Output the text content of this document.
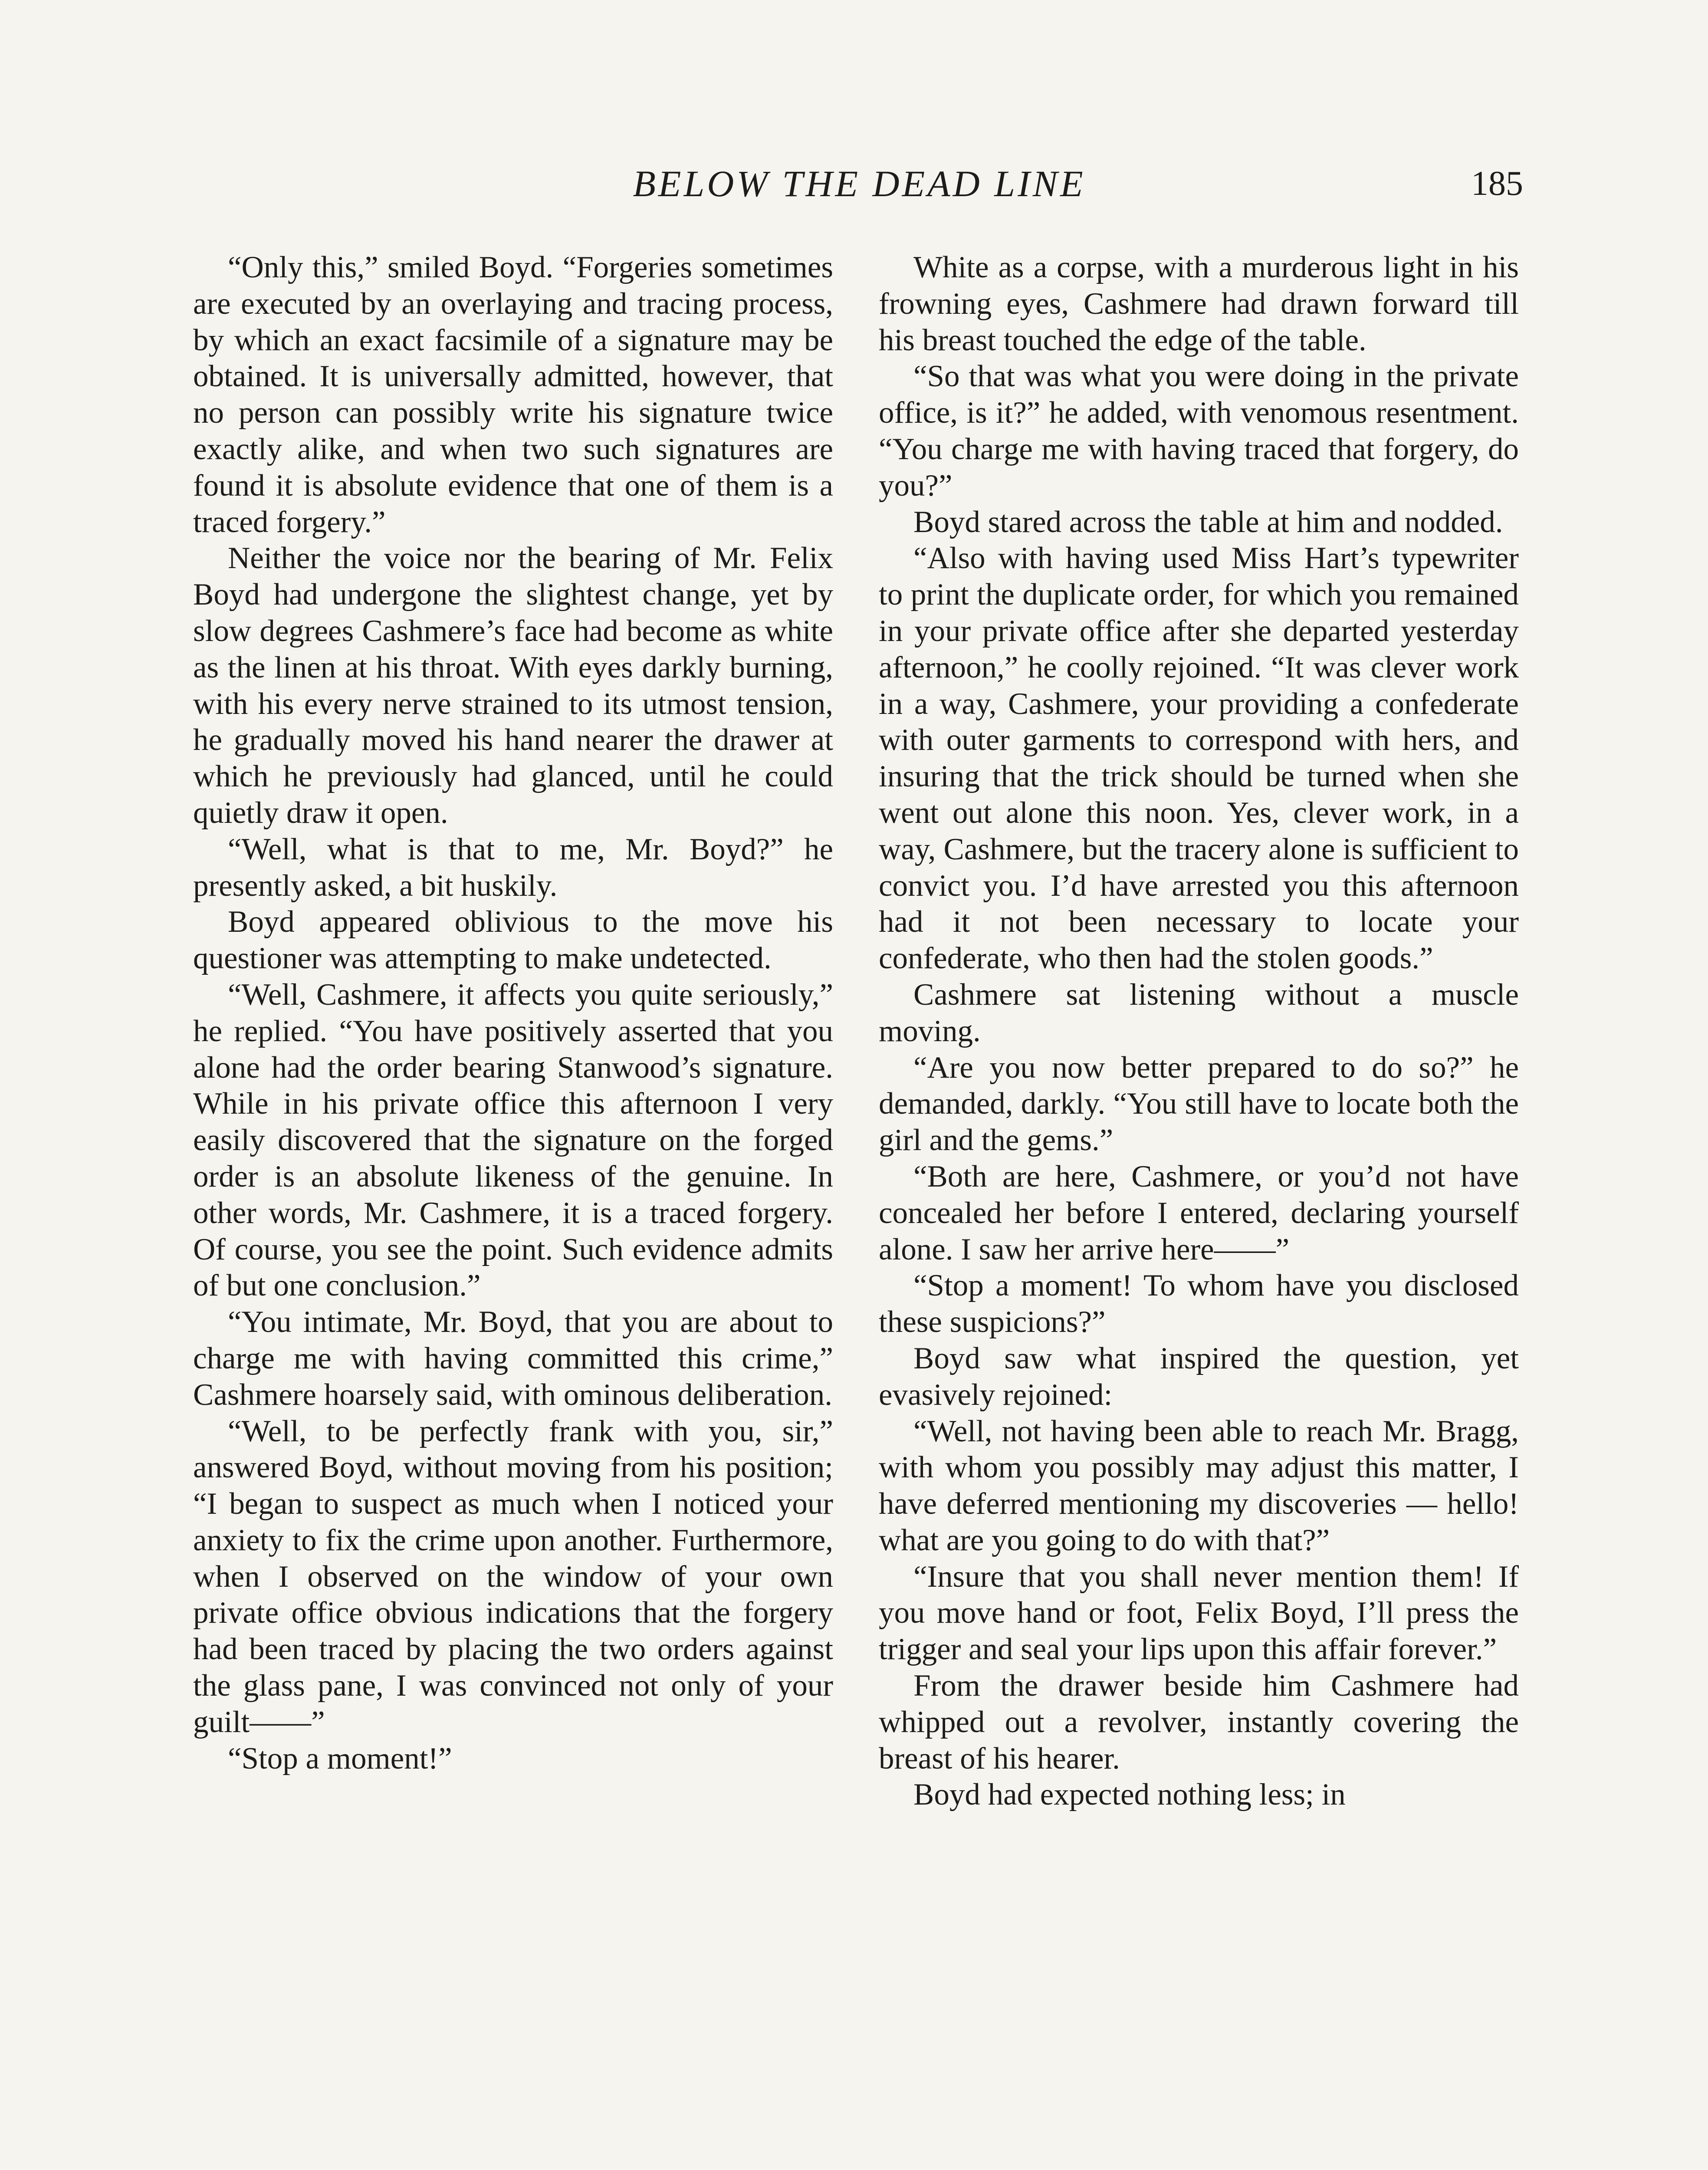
BELOW THE DEAD LINE	185

“Only this,” smiled Boyd. “Forgeries sometimes are executed by an overlaying and tracing process, by which an exact facsimile of a signature may be obtained. It is universally admitted, however, that no person can possibly write his signature twice exactly alike, and when two such signatures are found it is absolute evidence that one of them is a traced forgery.”

Neither the voice nor the bearing of Mr. Felix Boyd had undergone the slightest change, yet by slow degrees Cashmere’s face had become as white as the linen at his throat. With eyes darkly burning, with his every nerve strained to its utmost tension, he gradually moved his hand nearer the drawer at which he previously had glanced, until he could quietly draw it open.

“Well, what is that to me, Mr. Boyd?” he presently asked, a bit huskily.

Boyd appeared oblivious to the move his questioner was attempting to make undetected.

“Well, Cashmere, it affects you quite seriously,” he replied. “You have positively asserted that you alone had the order bearing Stanwood’s signature. While in his private office this afternoon I very easily discovered that the signature on the forged order is an absolute likeness of the genuine. In other words, Mr. Cashmere, it is a traced forgery. Of course, you see the point. Such evidence admits of but one conclusion.”

“You intimate, Mr. Boyd, that you are about to charge me with having committed this crime,” Cashmere hoarsely said, with ominous deliberation.

“Well, to be perfectly frank with you, sir,” answered Boyd, without moving from his position; “I began to suspect as much when I noticed your anxiety to fix the crime upon another. Furthermore, when I observed on the window of your own private office obvious indications that the forgery had been traced by placing the two orders against the glass pane, I was convinced not only of your guilt——”

“Stop a moment!”

White as a corpse, with a murderous light in his frowning eyes, Cashmere had drawn forward till his breast touched the edge of the table.

“So that was what you were doing in the private office, is it?” he added, with venomous resentment. “You charge me with having traced that forgery, do you?”

Boyd stared across the table at him and nodded.

“Also with having used Miss Hart’s typewriter to print the duplicate order, for which you remained in your private office after she departed yesterday afternoon,” he coolly rejoined. “It was clever work in a way, Cashmere, your providing a confederate with outer garments to correspond with hers, and insuring that the trick should be turned when she went out alone this noon. Yes, clever work, in a way, Cashmere, but the tracery alone is sufficient to convict you. I’d have arrested you this afternoon had it not been necessary to locate your confederate, who then had the stolen goods.”

Cashmere sat listening without a muscle moving.

“Are you now better prepared to do so?” he demanded, darkly. “You still have to locate both the girl and the gems.”

“Both are here, Cashmere, or you’d not have concealed her before I entered, declaring yourself alone. I saw her arrive here——”

“Stop a moment! To whom have you disclosed these suspicions?”

Boyd saw what inspired the question, yet evasively rejoined:

“Well, not having been able to reach Mr. Bragg, with whom you possibly may adjust this matter, I have deferred mentioning my discoveries — hello! what are you going to do with that?”

“Insure that you shall never mention them! If you move hand or foot, Felix Boyd, I’ll press the trigger and seal your lips upon this affair forever.”

From the drawer beside him Cashmere had whipped out a revolver, instantly covering the breast of his hearer.

Boyd had expected nothing less; in
